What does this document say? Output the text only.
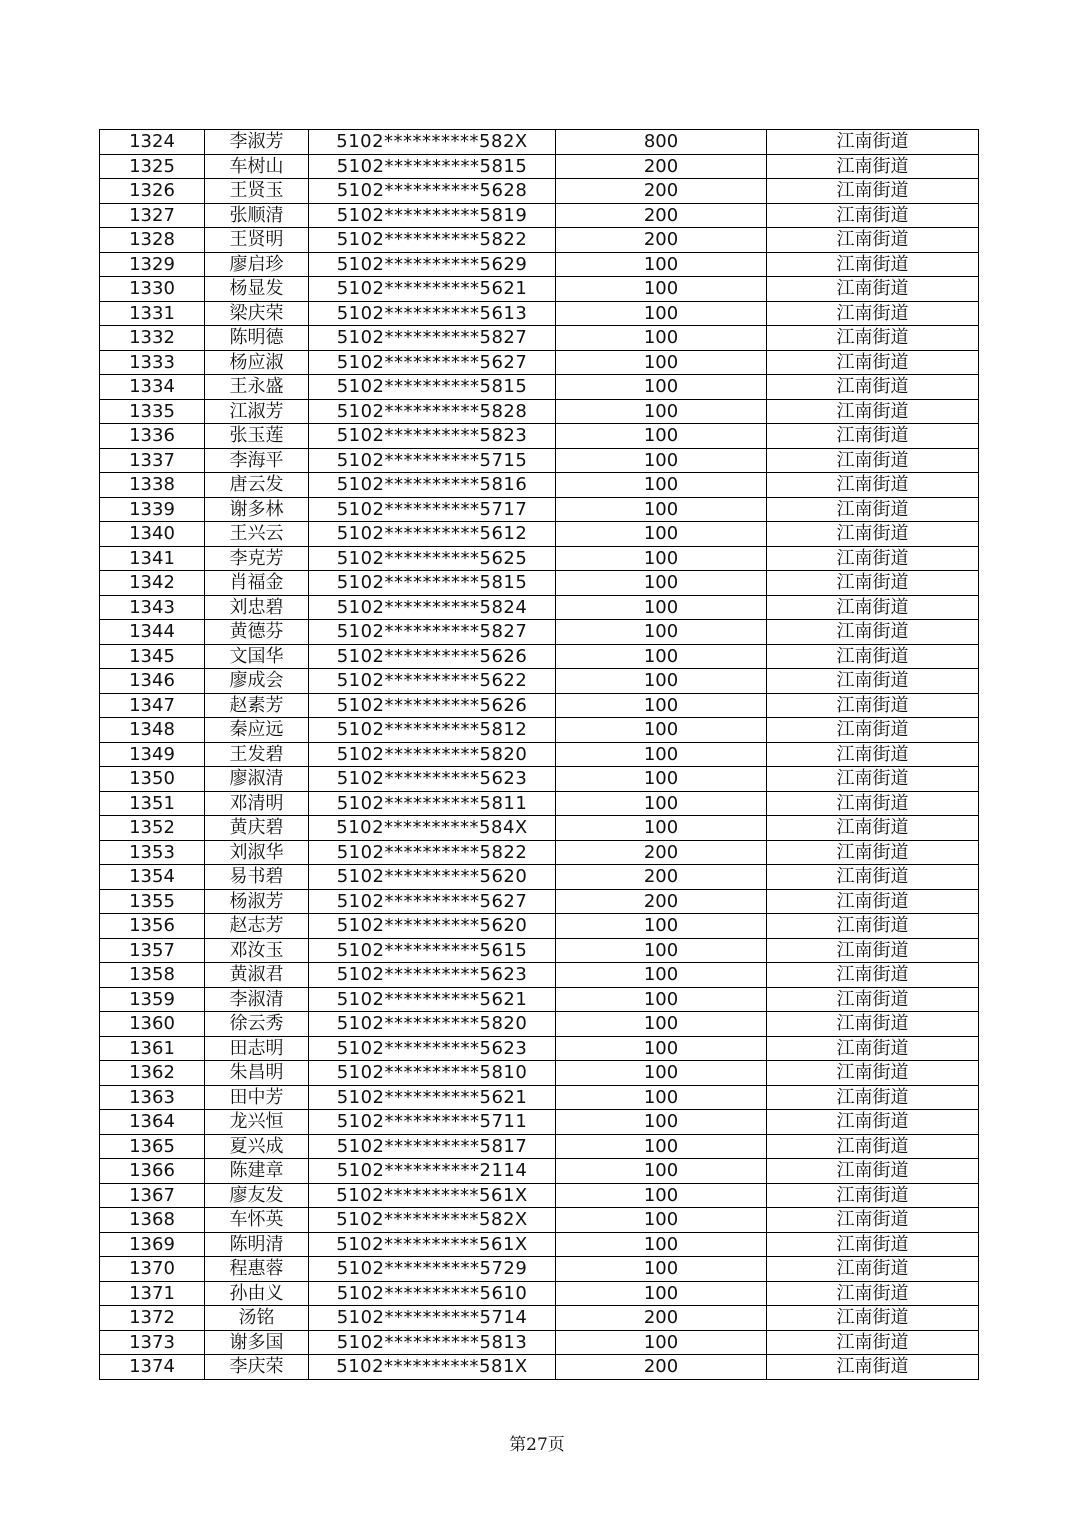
1324	李淑芳	5102**********582X	800	江南街道
1325	车树山	5102**********5815	200	江南街道
1326	王贤玉	5102**********5628	200	江南街道
1327	张顺清	5102**********5819	200	江南街道
1328	王贤明	5102**********5822	200	江南街道
1329	廖启珍	5102**********5629	100	江南街道
1330	杨显发	5102**********5621	100	江南街道
1331	梁庆荣	5102**********5613	100	江南街道
1332	陈明德	5102**********5827	100	江南街道
1333	杨应淑	5102**********5627	100	江南街道
1334	王永盛	5102**********5815	100	江南街道
1335	江淑芳	5102**********5828	100	江南街道
1336	张玉莲	5102**********5823	100	江南街道
1337	李海平	5102**********5715	100	江南街道
1338	唐云发	5102**********5816	100	江南街道
1339	谢多林	5102**********5717	100	江南街道
1340	王兴云	5102**********5612	100	江南街道
1341	李克芳	5102**********5625	100	江南街道
1342	肖福金	5102**********5815	100	江南街道
1343	刘忠碧	5102**********5824	100	江南街道
1344	黄德芬	5102**********5827	100	江南街道
1345	文国华	5102**********5626	100	江南街道
1346	廖成会	5102**********5622	100	江南街道
1347	赵素芳	5102**********5626	100	江南街道
1348	秦应远	5102**********5812	100	江南街道
1349	王发碧	5102**********5820	100	江南街道
1350	廖淑清	5102**********5623	100	江南街道
1351	邓清明	5102**********5811	100	江南街道
1352	黄庆碧	5102**********584X	100	江南街道
1353	刘淑华	5102**********5822	200	江南街道
1354	易书碧	5102**********5620	200	江南街道
1355	杨淑芳	5102**********5627	200	江南街道
1356	赵志芳	5102**********5620	100	江南街道
1357	邓汝玉	5102**********5615	100	江南街道
1358	黄淑君	5102**********5623	100	江南街道
1359	李淑清	5102**********5621	100	江南街道
1360	徐云秀	5102**********5820	100	江南街道
1361	田志明	5102**********5623	100	江南街道
1362	朱昌明	5102**********5810	100	江南街道
1363	田中芳	5102**********5621	100	江南街道
1364	龙兴恒	5102**********5711	100	江南街道
1365	夏兴成	5102**********5817	100	江南街道
1366	陈建章	5102**********2114	100	江南街道
1367	廖友发	5102**********561X	100	江南街道
1368	车怀英	5102**********582X	100	江南街道
1369	陈明清	5102**********561X	100	江南街道
1370	程惠蓉	5102**********5729	100	江南街道
1371	孙由义	5102**********5610	100	江南街道
1372	汤铭	5102**********5714	200	江南街道
1373	谢多国	5102**********5813	100	江南街道
1374	李庆荣	5102**********581X	200	江南街道
第27页
